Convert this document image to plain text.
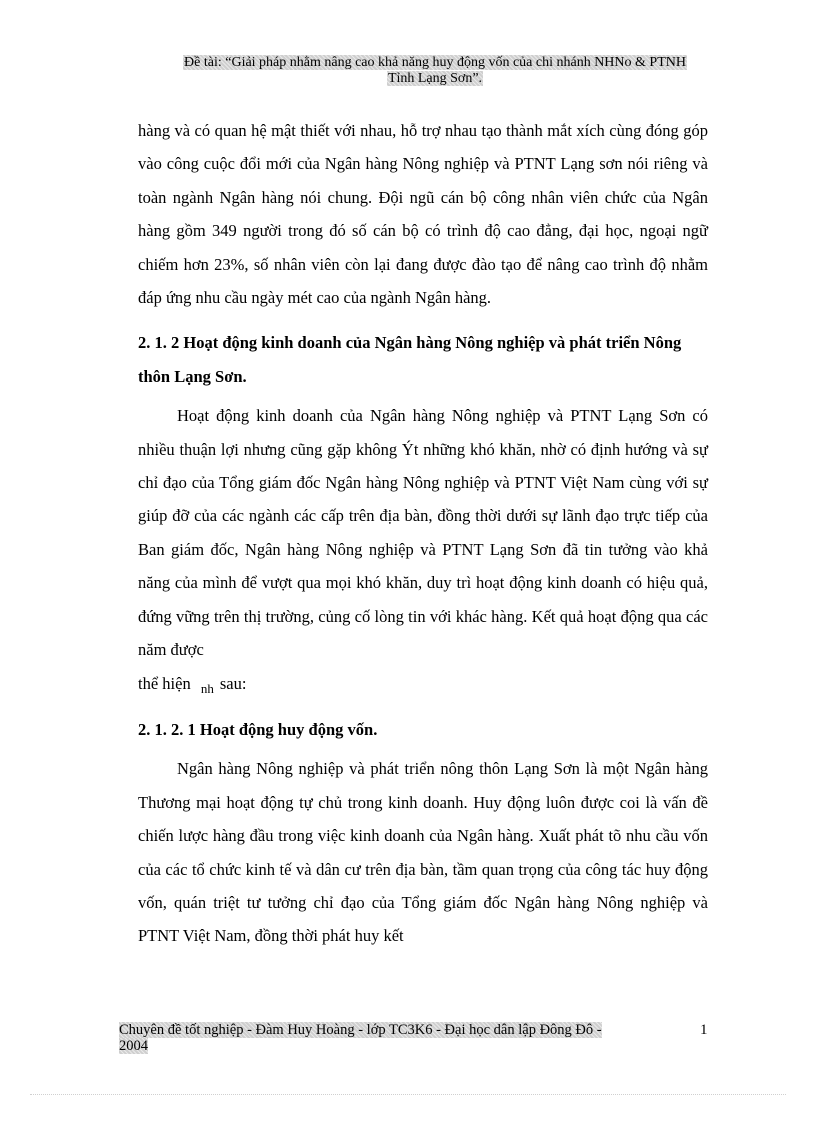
Đề tài: “Giải pháp nhằm nâng cao khả năng huy động vốn của chi nhánh NHNo & PTNH
Tỉnh Lạng Sơn”.

hàng và có quan hệ mật thiết với nhau, hỗ trợ nhau tạo thành mắt xích cùng đóng góp vào công cuộc đổi mới của Ngân hàng Nông nghiệp và PTNT Lạng sơn nói riêng và toàn ngành Ngân hàng nói chung. Đội ngũ cán bộ công nhân viên chức của Ngân hàng gồm 349 người trong đó số cán bộ có trình độ cao đẳng, đại học, ngoại ngữ chiếm hơn 23%, số nhân viên còn lại đang được đào tạo để nâng cao trình độ nhằm đáp ứng nhu cầu ngày mét cao của ngành Ngân hàng.

2. 1. 2 Hoạt động kinh doanh của Ngân hàng Nông nghiệp và phát triển Nông thôn Lạng Sơn.

Hoạt động kinh doanh của Ngân hàng Nông nghiệp và PTNT Lạng Sơn có nhiều thuận lợi nhưng cũng gặp không Ýt những khó khăn, nhờ có định hướng và sự chỉ đạo của Tổng giám đốc Ngân hàng Nông nghiệp và PTNT Việt Nam cùng với sự giúp đỡ của các ngành các cấp trên địa bàn, đồng thời dưới sự lãnh đạo trực tiếp của Ban giám đốc, Ngân hàng Nông nghiệp và PTNT Lạng Sơn đã tin tưởng vào khả năng của mình để vượt qua mọi khó khăn, duy trì hoạt động kinh doanh có hiệu quả, đứng vững trên thị trường, củng cố lòng tin với khác hàng. Kết quả hoạt động qua các năm được

thể hiện $_{nh}$ sau:

2. 1. 2. 1 Hoạt động huy động vốn.

Ngân hàng Nông nghiệp và phát triển nông thôn Lạng Sơn là một Ngân hàng Thương mại hoạt động tự chủ trong kinh doanh. Huy động luôn được coi là vấn đề chiến lược hàng đầu trong việc kinh doanh của Ngân hàng. Xuất phát tõ nhu cầu vốn của các tổ chức kinh tế và dân cư trên địa bàn, tầm quan trọng của công tác huy động vốn, quán triệt tư tưởng chỉ đạo của Tổng giám đốc Ngân hàng Nông nghiệp và PTNT Việt Nam, đồng thời phát huy kết

Chuyên đề tốt nghiệp - Đàm Huy Hoàng - lớp TC3K6 - Đại học dân lập Đông Đô -
2004
1
